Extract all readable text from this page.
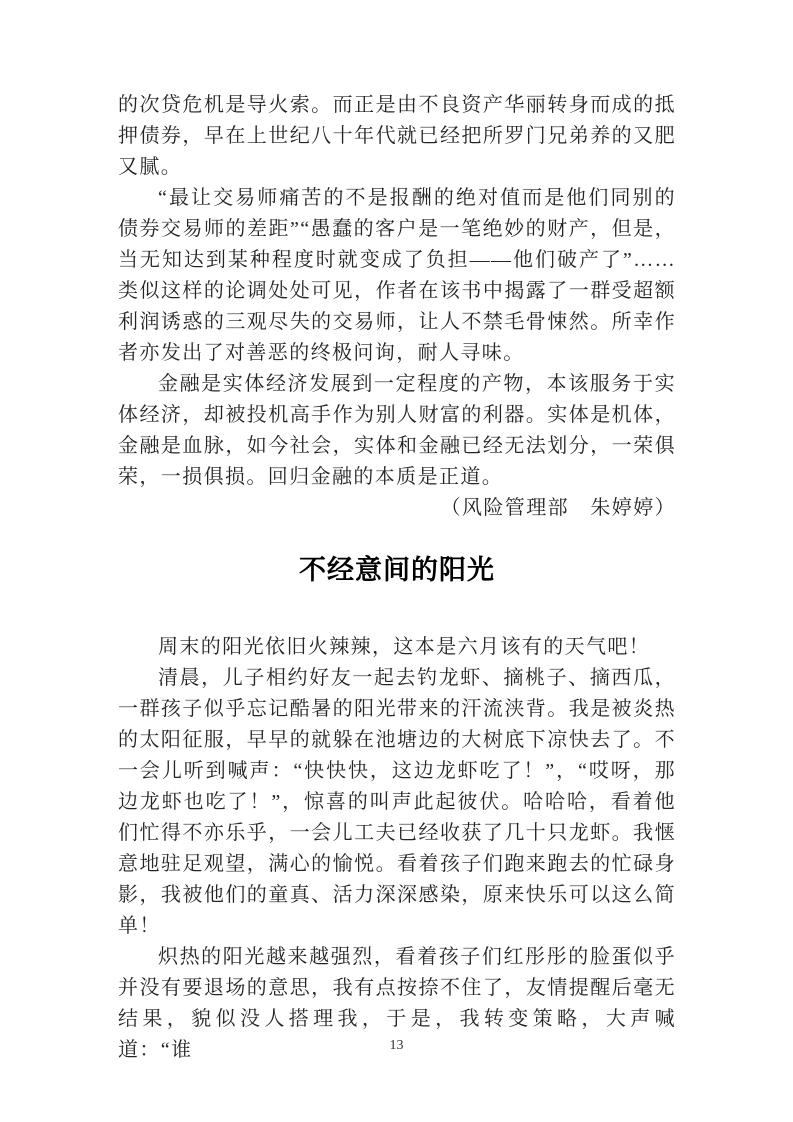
的次贷危机是导火索。而正是由不良资产华丽转身而成的抵押债券，早在上世纪八十年代就已经把所罗门兄弟养的又肥又腻。

“最让交易师痛苦的不是报酬的绝对值而是他们同别的债券交易师的差距”“愚蠢的客户是一笔绝妙的财产，但是，当无知达到某种程度时就变成了负担——他们破产了”……类似这样的论调处处可见，作者在该书中揭露了一群受超额利润诱惑的三观尽失的交易师，让人不禁毛骨悚然。所幸作者亦发出了对善恶的终极问询，耐人寻味。

金融是实体经济发展到一定程度的产物，本该服务于实体经济，却被投机高手作为别人财富的利器。实体是机体，金融是血脉，如今社会，实体和金融已经无法划分，一荣俱荣，一损俱损。回归金融的本质是正道。

（风险管理部　朱婷婷）

不经意间的阳光

周末的阳光依旧火辣辣，这本是六月该有的天气吧！

清晨，儿子相约好友一起去钓龙虾、摘桃子、摘西瓜，一群孩子似乎忘记酷暑的阳光带来的汗流浃背。我是被炎热的太阳征服，早早的就躲在池塘边的大树底下凉快去了。不一会儿听到喊声：“快快快，这边龙虾吃了！”，“哎呀，那边龙虾也吃了！”，惊喜的叫声此起彼伏。哈哈哈，看着他们忙得不亦乐乎，一会儿工夫已经收获了几十只龙虾。我惬意地驻足观望，满心的愉悦。看着孩子们跑来跑去的忙碌身影，我被他们的童真、活力深深感染，原来快乐可以这么简单！

炽热的阳光越来越强烈，看着孩子们红彤彤的脸蛋似乎并没有要退场的意思，我有点按捺不住了，友情提醒后毫无结果，貌似没人搭理我，于是，我转变策略，大声喊道：“谁	13
